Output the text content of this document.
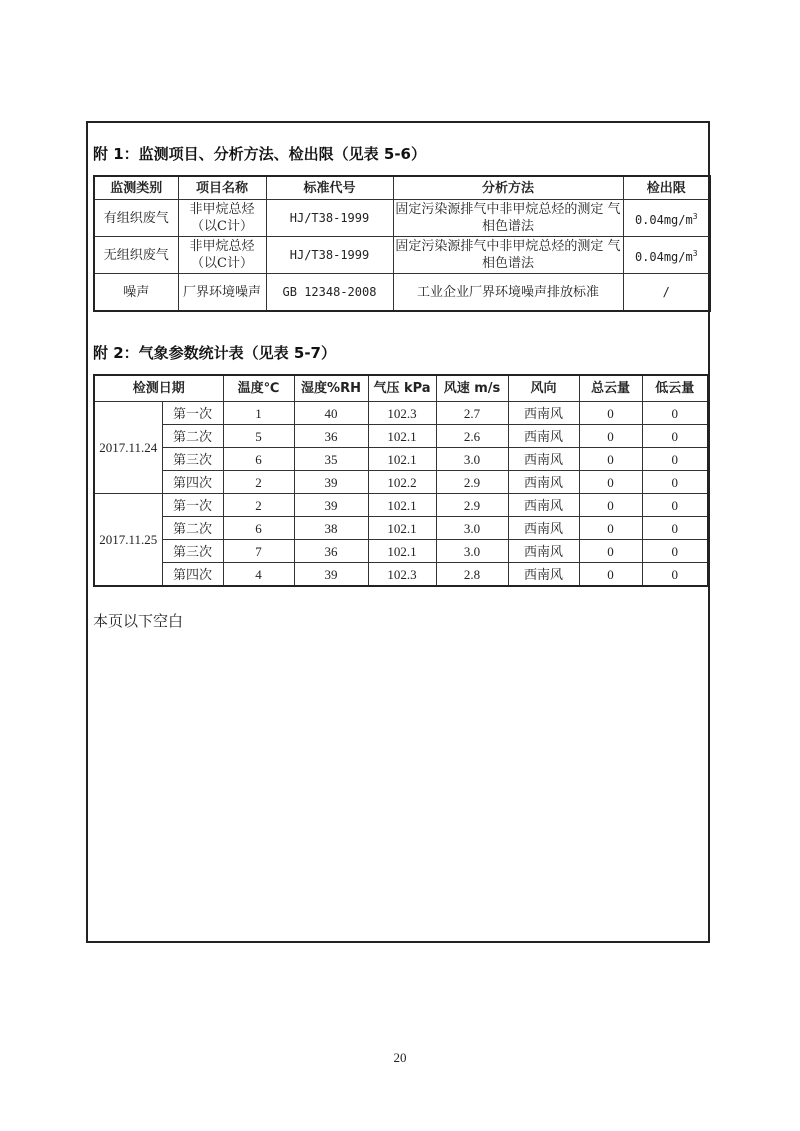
附 1：监测项目、分析方法、检出限（见表 5-6）
监测类别	项目名称	标准代号	分析方法	检出限
有组织废气	非甲烷总烃（以C计）	HJ/T38-1999	固定污染源排气中非甲烷总烃的测定 气相色谱法	$0.04mg/m^3$
无组织废气	非甲烷总烃（以C计）	HJ/T38-1999	固定污染源排气中非甲烷总烃的测定 气相色谱法	$0.04mg/m^3$
噪声	厂界环境噪声	GB 12348-2008	工业企业厂界环境噪声排放标准	/
附 2：气象参数统计表（见表 5-7）
检测日期		温度℃	湿度%RH	气压 kPa	风速 m/s	风向	总云量	低云量
2017.11.24	第一次	1	40	102.3	2.7	西南风	0	0
	第二次	5	36	102.1	2.6	西南风	0	0
	第三次	6	35	102.1	3.0	西南风	0	0
	第四次	2	39	102.2	2.9	西南风	0	0
2017.11.25	第一次	2	39	102.1	2.9	西南风	0	0
	第二次	6	38	102.1	3.0	西南风	0	0
	第三次	7	36	102.1	3.0	西南风	0	0
	第四次	4	39	102.3	2.8	西南风	0	0
本页以下空白
20
